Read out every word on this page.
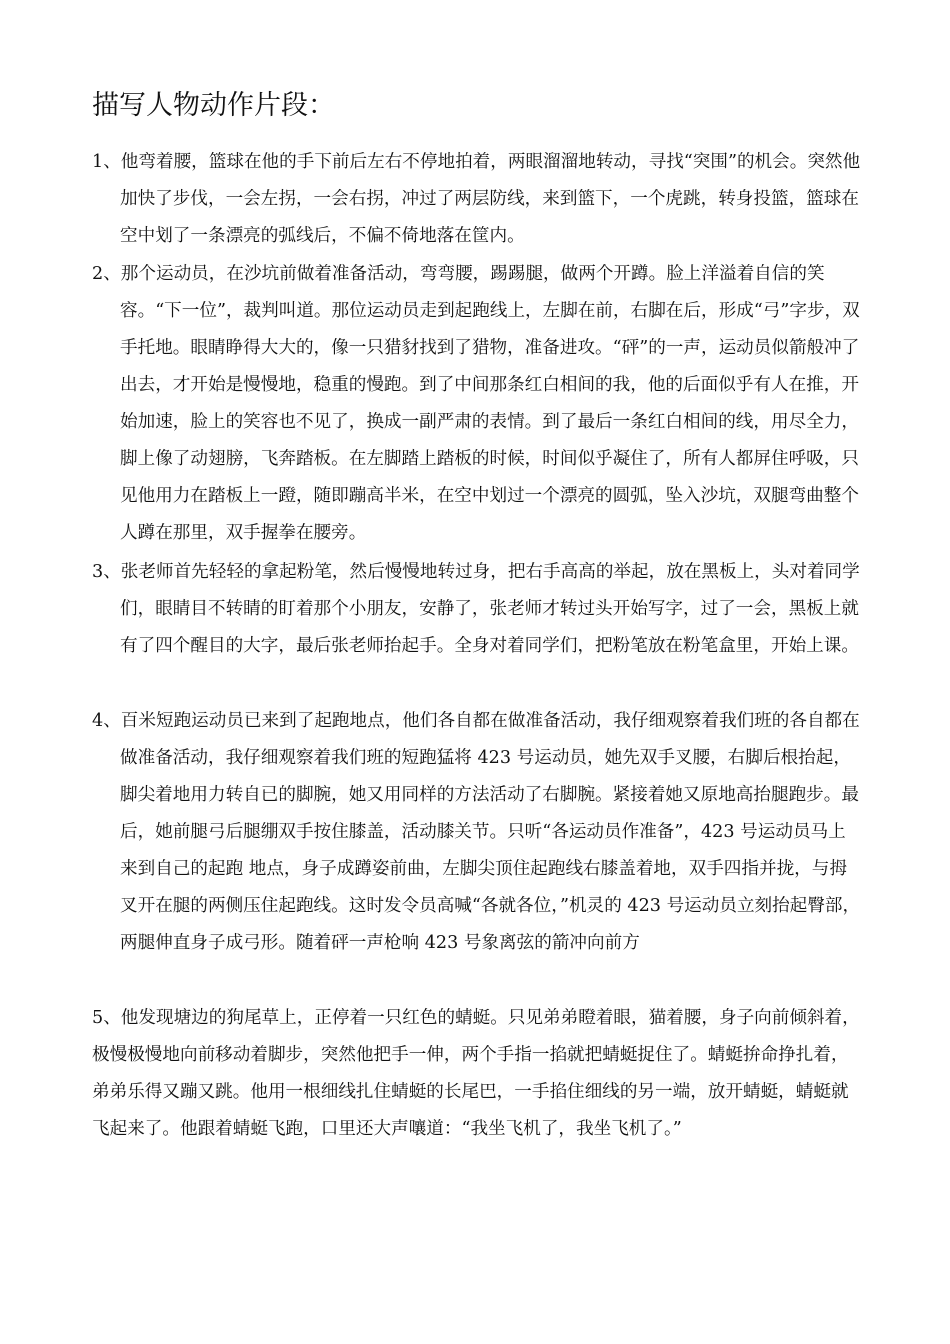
描写人物动作片段：

1、他弯着腰，篮球在他的手下前后左右不停地拍着，两眼溜溜地转动，寻找“突围”的机会。突然他加快了步伐，一会左拐，一会右拐，冲过了两层防线，来到篮下，一个虎跳，转身投篮，篮球在空中划了一条漂亮的弧线后，不偏不倚地落在筐内。

2、那个运动员，在沙坑前做着准备活动，弯弯腰，踢踢腿，做两个开蹲。脸上洋溢着自信的笑容。“下一位”，裁判叫道。那位运动员走到起跑线上，左脚在前，右脚在后，形成“弓”字步，双手托地。眼睛睁得大大的，像一只猎豺找到了猎物，准备进攻。“砰”的一声，运动员似箭般冲了出去，才开始是慢慢地，稳重的慢跑。到了中间那条红白相间的我，他的后面似乎有人在推，开始加速，脸上的笑容也不见了，换成一副严肃的表情。到了最后一条红白相间的线，用尽全力，脚上像了动翅膀，飞奔踏板。在左脚踏上踏板的时候，时间似乎凝住了，所有人都屏住呼吸，只见他用力在踏板上一蹬，随即蹦高半米，在空中划过一个漂亮的圆弧，坠入沙坑，双腿弯曲整个人蹲在那里，双手握拳在腰旁。

3、张老师首先轻轻的拿起粉笔，然后慢慢地转过身，把右手高高的举起，放在黑板上，头对着同学们，眼睛目不转睛的盯着那个小朋友，安静了，张老师才转过头开始写字，过了一会，黑板上就有了四个醒目的大字，最后张老师抬起手。全身对着同学们，把粉笔放在粉笔盒里，开始上课。

4、百米短跑运动员已来到了起跑地点，他们各自都在做准备活动，我仔细观察着我们班的各自都在做准备活动，我仔细观察着我们班的短跑猛将 423 号运动员，她先双手叉腰，右脚后根抬起，脚尖着地用力转自已的脚腕，她又用同样的方法活动了右脚腕。紧接着她又原地高抬腿跑步。最后，她前腿弓后腿绷双手按住膝盖，活动膝关节。只听“各运动员作准备”，423 号运动员马上来到自己的起跑 地点，身子成蹲姿前曲，左脚尖顶住起跑线右膝盖着地，双手四指并拢，与拇叉开在腿的两侧压住起跑线。这时发令员高喊“各就各位，”机灵的 423 号运动员立刻抬起臀部，两腿伸直身子成弓形。随着砰一声枪响 423 号象离弦的箭冲向前方

5、他发现塘边的狗尾草上，正停着一只红色的蜻蜓。只见弟弟瞪着眼，猫着腰，身子向前倾斜着，极慢极慢地向前移动着脚步，突然他把手一伸，两个手指一掐就把蜻蜓捉住了。蜻蜓拚命挣扎着，弟弟乐得又蹦又跳。他用一根细线扎住蜻蜓的长尾巴，一手掐住细线的另一端，放开蜻蜓，蜻蜓就飞起来了。他跟着蜻蜓飞跑，口里还大声嚷道：“我坐飞机了，我坐飞机了。”
